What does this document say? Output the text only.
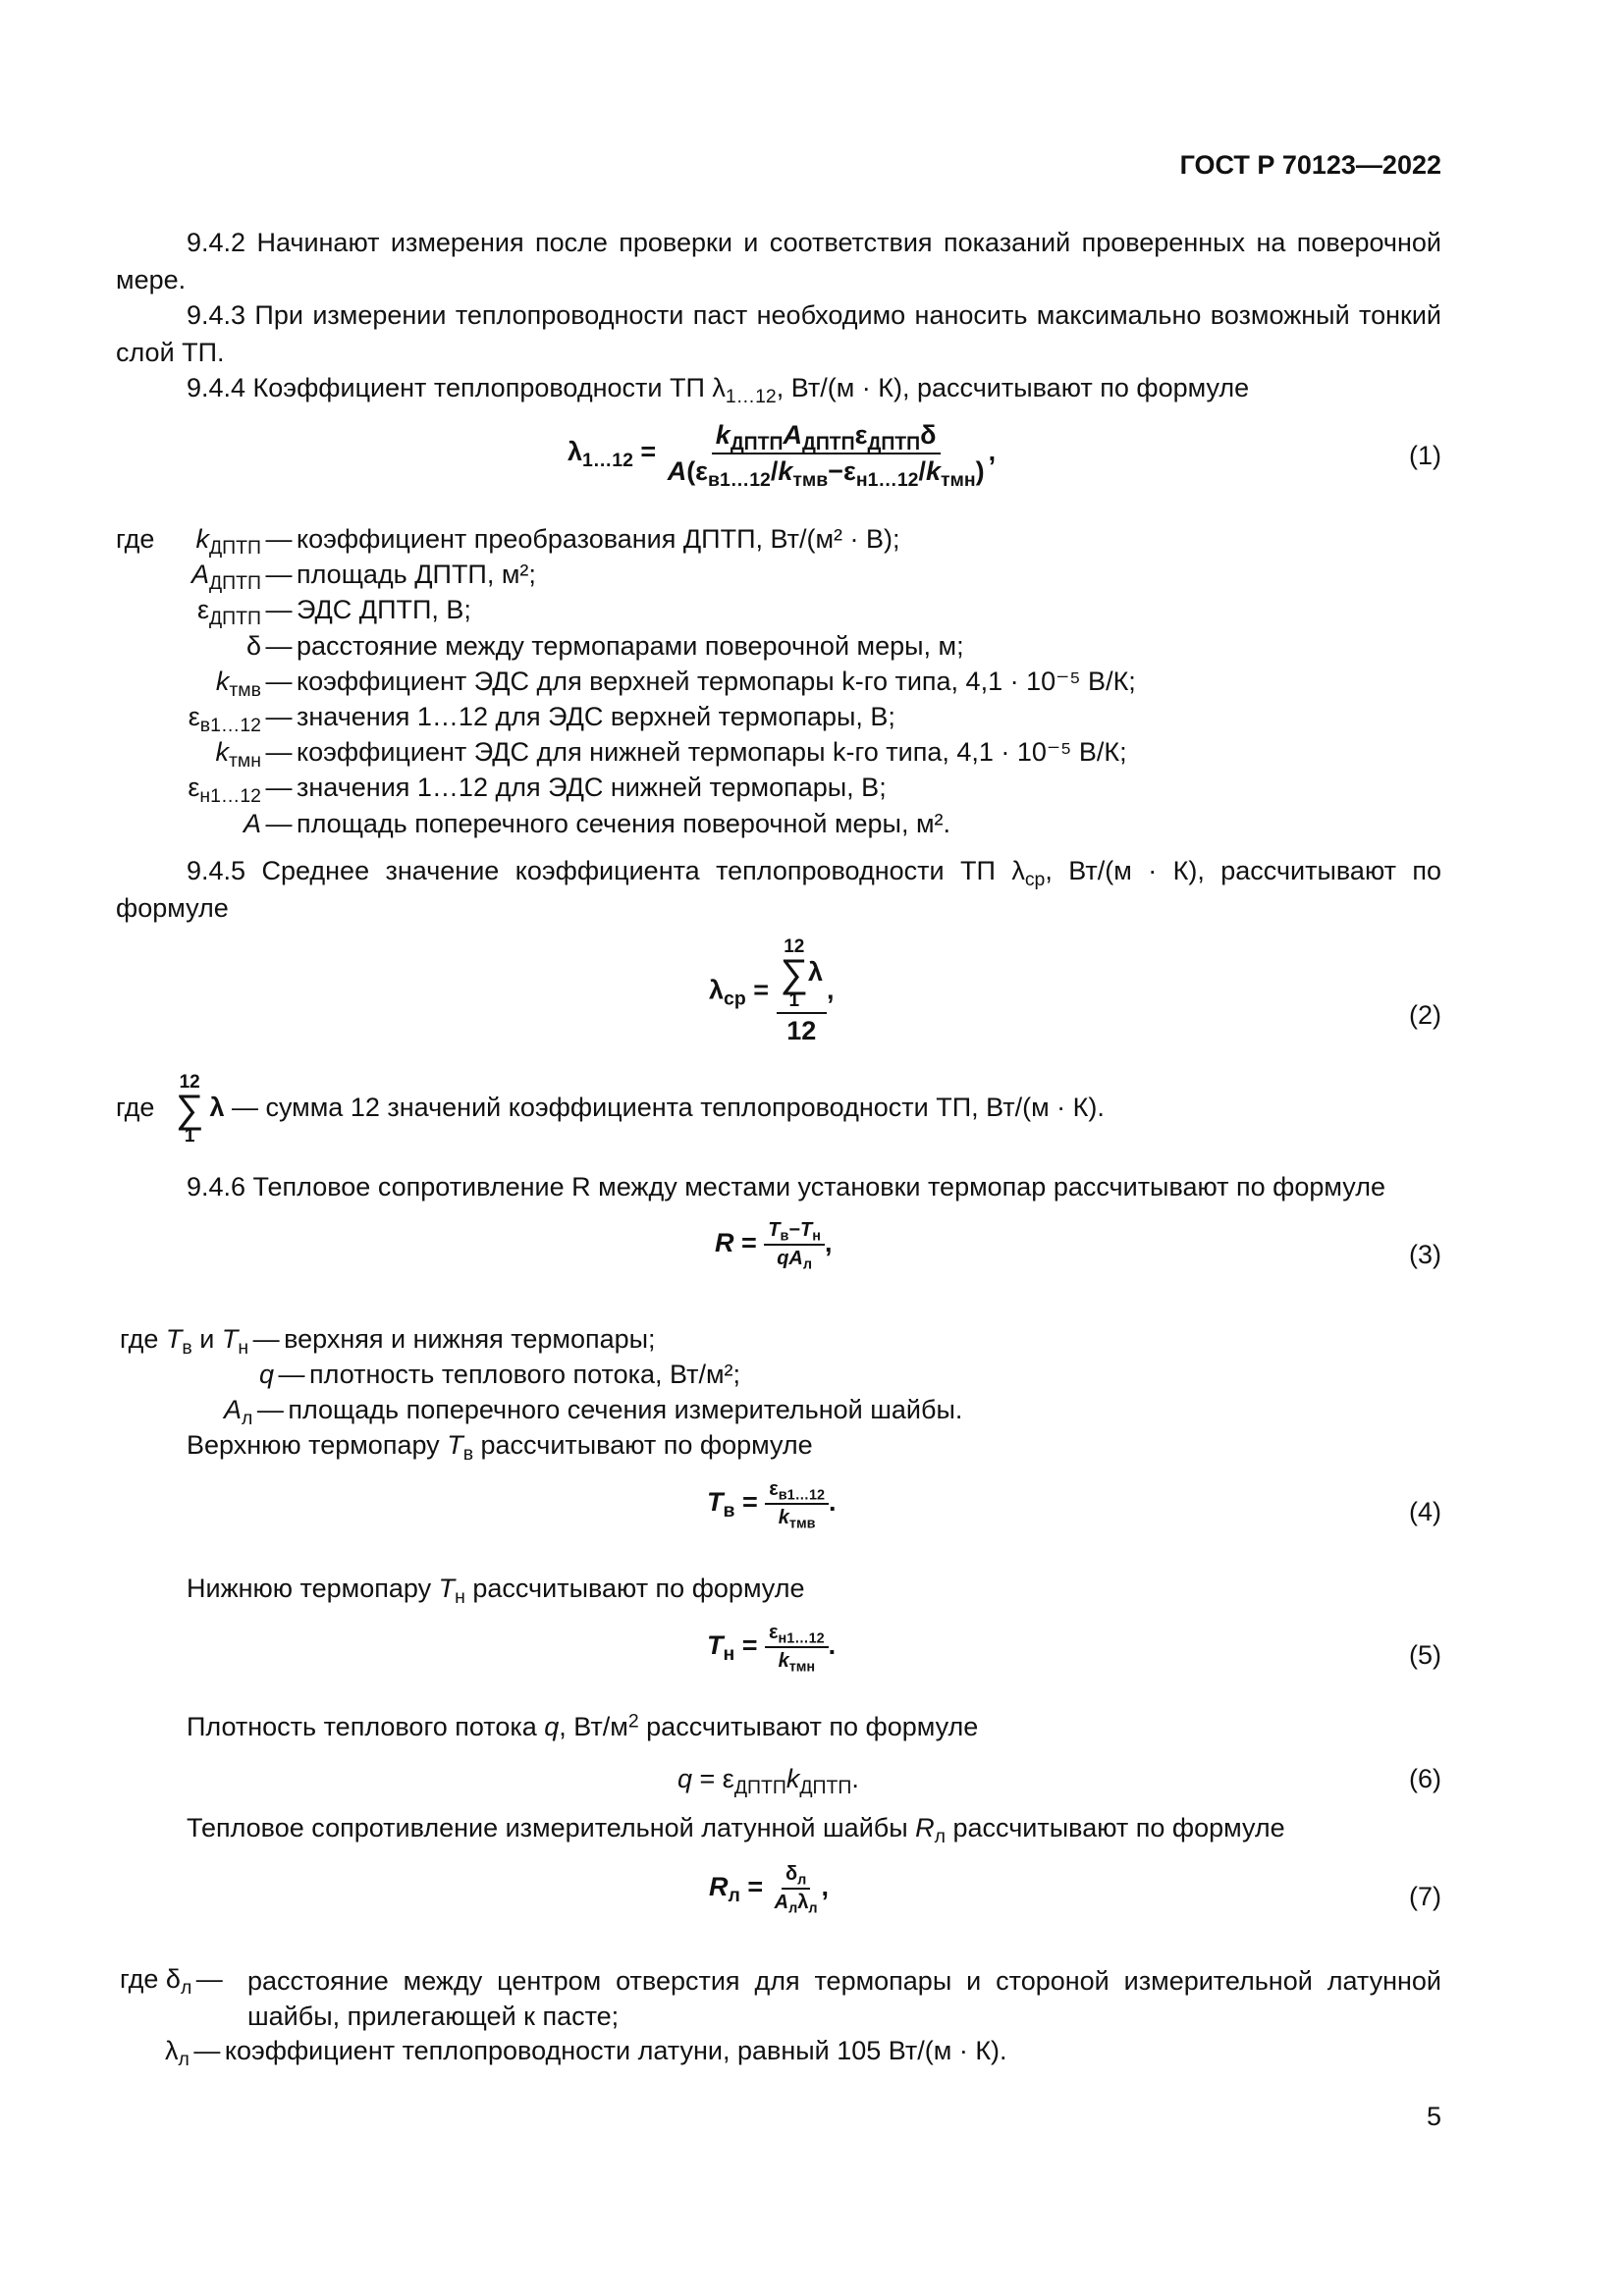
ГОСТ Р 70123—2022
9.4.2 Начинают измерения после проверки и соответствия показаний проверенных на поверочной мере.
9.4.3 При измерении теплопроводности паст необходимо наносить максимально возможный тонкий слой ТП.
9.4.4 Коэффициент теплопроводности ТП $\lambda_{1\dots 12}$, Вт/(м · К), рассчитывают по формуле
$\lambda_{1\dots 12} = \frac{k_{ДПТП}A_{ДПТП}\varepsilon_{ДПТП}\delta}{A(\varepsilon_{в1\dots 12}/k_{тмв}-\varepsilon_{н1\dots 12}/k_{тмн})}$ ,	(1)
где $k_{ДПТП}$ — коэффициент преобразования ДПТП, Вт/(м² · В);
$A_{ДПТП}$ — площадь ДПТП, м²;
$\varepsilon_{ДПТП}$ — ЭДС ДПТП, В;
δ — расстояние между термопарами поверочной меры, м;
$k_{тмв}$ — коэффициент ЭДС для верхней термопары k-го типа, 4,1 · 10⁻⁵ В/К;
$\varepsilon_{в1\dots 12}$ — значения 1…12 для ЭДС верхней термопары, В;
$k_{тмн}$ — коэффициент ЭДС для нижней термопары k-го типа, 4,1 · 10⁻⁵ В/К;
$\varepsilon_{н1\dots 12}$ — значения 1…12 для ЭДС нижней термопары, В;
A — площадь поперечного сечения поверочной меры, м².
9.4.5 Среднее значение коэффициента теплопроводности ТП $\lambda_{ср}$, Вт/(м · К), рассчитывают по формуле
$\lambda_{ср} = 12$
∑
1
λ
12 ,
(2)
где
12
∑
1
λ — сумма 12 значений коэффициента теплопроводности ТП, Вт/(м · К).
9.4.6 Тепловое сопротивление R между местами установки термопар рассчитывают по формуле
$R = \frac{T_в-T_н}{qA_л}$ ,	(3)
где $T_в$ и $T_н$ — верхняя и нижняя термопары;
q — плотность теплового потока, Вт/м²;
$A_л$ — площадь поперечного сечения измерительной шайбы.
Верхнюю термопару $T_в$ рассчитывают по формуле
$T_в = \frac{\varepsilon_{в1\dots 12}}{k_{тмв}}$ .	(4)
Нижнюю термопару $T_н$ рассчитывают по формуле
$T_н = \frac{\varepsilon_{н1\dots 12}}{k_{тмн}}$ .	(5)
Плотность теплового потока q, $Вт/м^2$ рассчитывают по формуле
$q = \varepsilon_{ДПТП}k_{ДПТП}$.	(6)
Тепловое сопротивление измерительной латунной шайбы $R_л$ рассчитывают по формуле
$R_л = \frac{\delta_л}{A_л\lambda_л}$ ,	(7)
где $\delta_л$ — расстояние между центром отверстия для термопары и стороной измерительной латунной шайбы, прилегающей к пасте;
$\lambda_л$ — коэффициент теплопроводности латуни, равный 105 Вт/(м · К).
5
